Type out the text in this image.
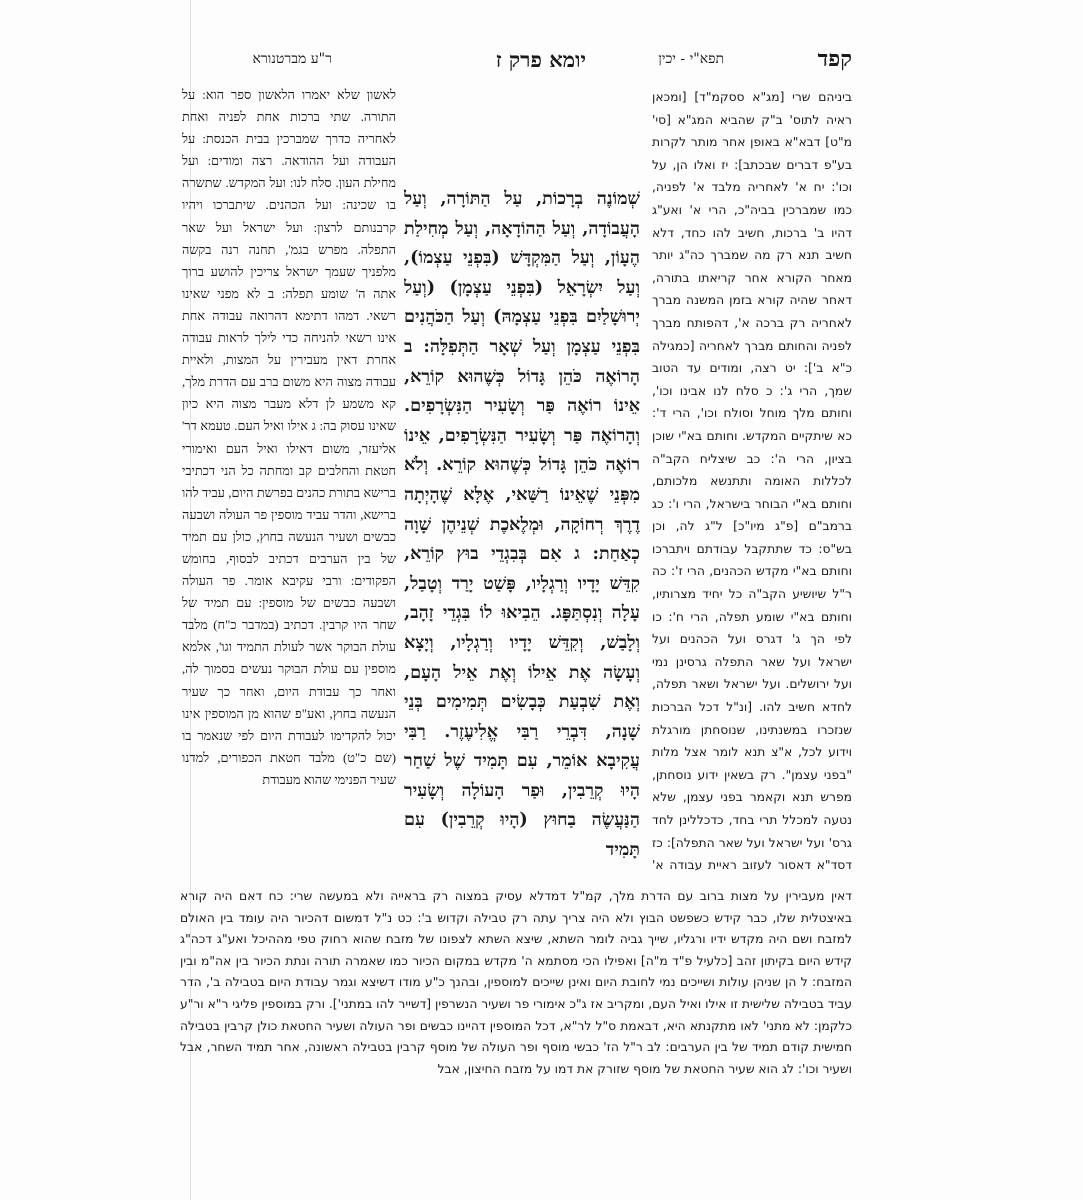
קפד
תפא"י - יכין
יומא פרק ז
ר"ע מברטנורא

ביניהם שרי [מג"א ססקמ"ד] [ומכאן ראיה לתוס' ב"ק שהביא המג"א [סי' מ"ט] דבא"א באופן אחר מותר לקרות בע"פ דברים שבכתב]: יז ואלו הן, על וכו': יח א' לאחריה מלבד א' לפניה, כמו שמברכין בביה"כ, הרי א' ואע"ג דהיו ב' ברכות, חשיב להו כחד, דלא חשיב תנא רק מה שמברך כה"ג יותר מאחר הקורא אחר קריאתו בתורה, דאחר שהיה קורא בזמן המשנה מברך לאחריה רק ברכה א', דהפותח מברך לפניה והחותם מברך לאחריה [כמגילה כ"א ב']: יט רצה, ומודים עד הטוב שמך, הרי ג': כ סלח לנו אבינו וכו', וחותם מלך מוחל וסולח וכו', הרי ד': כא שיתקיים המקדש. וחותם בא"י שוכן בציון, הרי ה': כב שיצליח הקב"ה לכללות האומה ותתנשא מלכותם, וחותם בא"י הבוחר בישראל, הרי ו': כג ברמב"ם [פ"ג מיו"כ] ל"ג לה, וכן בש"ס: כד שתתקבל עבודתם ויתברכו וחותם בא"י מקדש הכהנים, הרי ז': כה ר"ל שיושיע הקב"ה כל יחיד מצרותיו, וחותם בא"י שומע תפלה, הרי ח': כו לפי הך ג' דגרס ועל הכהנים ועל ישראל ועל שאר התפלה גרסינן נמי ועל ירושלים. ועל ישראל ושאר תפלה, לחדא חשיב להו. [ונ"ל דכל הברכות שנזכרו במשנתינו, שנוסחתן מורגלת וידוע לכל, א"צ תנא לומר אצל מלות "בפני עצמן". רק בשאין ידוע נוסחתן, מפרש תנא וקאמר בפני עצמן, שלא נטעה למכלל תרי בחד, כדכללינן לחד גרס' ועל ישראל ועל שאר התפלה]: כז דסד"א דאסור לעזוב ראיית עבודה א'

שְׁמוֹנֶה בְרָכוֹת, עַל הַתּוֹרָה, וְעַל הָעֲבוֹדָה, וְעַל הַהוֹדָאָה, וְעַל מְחִילַת הֶעָוֹן, וְעַל הַמִּקְדָּשׁ (בִּפְנֵי עַצְמוֹ), וְעַל יִשְׂרָאֵל (בִּפְנֵי עַצְמָן) (וְעַל יְרוּשָׁלַיִם בִּפְנֵי עַצְמָהּ) וְעַל הַכֹּהֲנִים בִּפְנֵי עַצְמָן וְעַל שְׁאָר הַתְּפִלָּה: ב הָרוֹאֶה כֹּהֵן גָּדוֹל כְּשֶׁהוּא קוֹרֵא, אֵינוֹ רוֹאֶה פַּר וְשָׂעִיר הַנִּשְׂרָפִים. וְהָרוֹאֶה פַּר וְשָׂעִיר הַנִּשְׂרָפִים, אֵינוֹ רוֹאֶה כֹּהֵן גָּדוֹל כְּשֶׁהוּא קוֹרֵא. וְלֹא מִפְּנֵי שֶׁאֵינוֹ רַשַּׁאי, אֶלָּא שֶׁהָיְתָה דֶרֶךְ רְחוֹקָה, וּמְלֶאכֶת שְׁנֵיהֶן שָׁוָה כְאַחַת: ג אִם בְּבִגְדֵי בוּץ קוֹרֵא, קִדֵּשׁ יָדָיו וְרַגְלָיו, פָּשַׁט יָרַד וְטָבַל, עָלָה וְנִסְתַּפָּג. הֵבִיאוּ לוֹ בִּגְדֵי זָהָב, וְלָבַשׁ, וְקִדֵּשׁ יָדָיו וְרַגְלָיו, וְיָצָא וְעָשָׂה אֶת אֵילוֹ וְאֶת אֵיל הָעָם, וְאֶת שִׁבְעַת כְּבָשִׂים תְּמִימִים בְּנֵי שָׁנָה, דִּבְרֵי רַבִּי אֱלִיעֶזֶר. רַבִּי עֲקִיבָא אוֹמֵר, עִם תָּמִיד שֶׁל שַׁחַר הָיוּ קְרֵבִין, וּפַר הָעוֹלָה וְשָׂעִיר הַנַּעֲשֶׂה בַחוּץ (הָיוּ קְרֵבִין) עִם תָּמִיד

לאשון שלא יאמרו הלאשון ספר הוא: על התורה. שתי ברכות אחת לפניה ואחת לאחריה כדרך שמברכין בבית הכנסת: על העבודה ועל ההודאה. רצה ומודים: ועל מחילת העון. סלח לנו: ועל המקדש. שתשרה בו שכינה: ועל הכהנים. שיתברכו ויהיו קרבנותם לרצון: ועל ישראל ועל שאר התפלה. מפרש בגמ', תחנה רנה בקשה מלפניך שעמך ישראל צריכין להושע ברוך אתה ה' שומע תפלה: ב לא מפני שאינו רשאי. דמהו דתימא דהרואה עבודה אחת אינו רשאי להניחה כדי לילך לראות עבודה אחרת דאין מעבירין על המצות, ולאיית עבודה מצוה היא משום ברב עם הדרת מלך, קא משמע לן דלא מעבר מצוה היא כיון שאינו עסוק בה: ג אילו ואיל העם. טעמא דר' אליעזר, משום דאילו ואיל העם ואימורי חטאת והחלבים קב ומחתה כל הני דכתיבי ברישא בתורת כהנים בפרשת היום, עביד להו ברישא, והדר עביד מוספין פר העולה ושבעה כבשים ושעיר הנעשה בחוץ, כולן עם תמיד של בין הערבים דכתיב לבסוף, בחומש הפקודים: ורבי עקיבא אומר. פר העולה ושבעה כבשים של מוספין: עם תמיד של שחר היו קרבין. דכתיב (במדבר כ"ח) מלבד עולת הבוקר אשר לעולת התמיד וגו', אלמא מוספין עם עולת הבוקר נעשים בסמוך לה, ואחר כך עבודת היום, ואחר כך שעיר הנעשה בחוץ, ואע"פ שהוא מן המוספין אינו יכול להקדימו לעבודת היום לפי שנאמר בו (שם כ"ט) מלבד חטאת הכפורים, למדנו שעיר הפנימי שהוא מעבודת

דאין מעבירין על מצות ברוב עם הדרת מלך, קמ"ל דמדלא עסיק במצוה רק בראייה ולא במעשה שרי: כח דאם היה קורא באיצטלית שלו, כבר קידש כשפשט הבוץ ולא היה צריך עתה רק טבילה וקדוש ב': כט נ"ל דמשום דהכיור היה עומד בין האולם למזבח ושם היה מקדש ידיו ורגליו, שייך גביה לומר השתא, שיצא השתא לצפונו של מזבח שהוא רחוק טפי מההיכל ואע"ג דכה"ג קידש היום בקיתון זהב [כלעיל פ"ד מ"ה] ואפילו הכי מסתמא ה' מקדש במקום הכיור כמו שאמרה תורה ונתת הכיור בין אה"מ ובין המזבח: ל הן שניהן עולות ושייכים נמי לחובת היום ואינן שייכים למוספין, ובהנך כ"ע מודו דשיצא וגמר עבודת היום בטבילה ב', הדר עביד בטבילה שלישית זו אילו ואיל העם, ומקריב אז ג"כ אימורי פר ושעיר הנשרפין [דשייר להו במתני']. ורק במוספין פליגי ר"א ור"ע כלקמן: לא מתני' לאו מתקנתא היא, דבאמת ס"ל לר"א, דכל המוספין דהיינו כבשים ופר העולה ושעיר החטאת כולן קרבין בטבילה חמישית קודם תמיד של בין הערבים: לב ר"ל הז' כבשי מוסף ופר העולה של מוסף קרבין בטבילה ראשונה, אחר תמיד השחר, אבל ושעיר וכו': לג הוא שעיר החטאת של מוסף שזורק את דמו על מזבח החיצון, אבל
